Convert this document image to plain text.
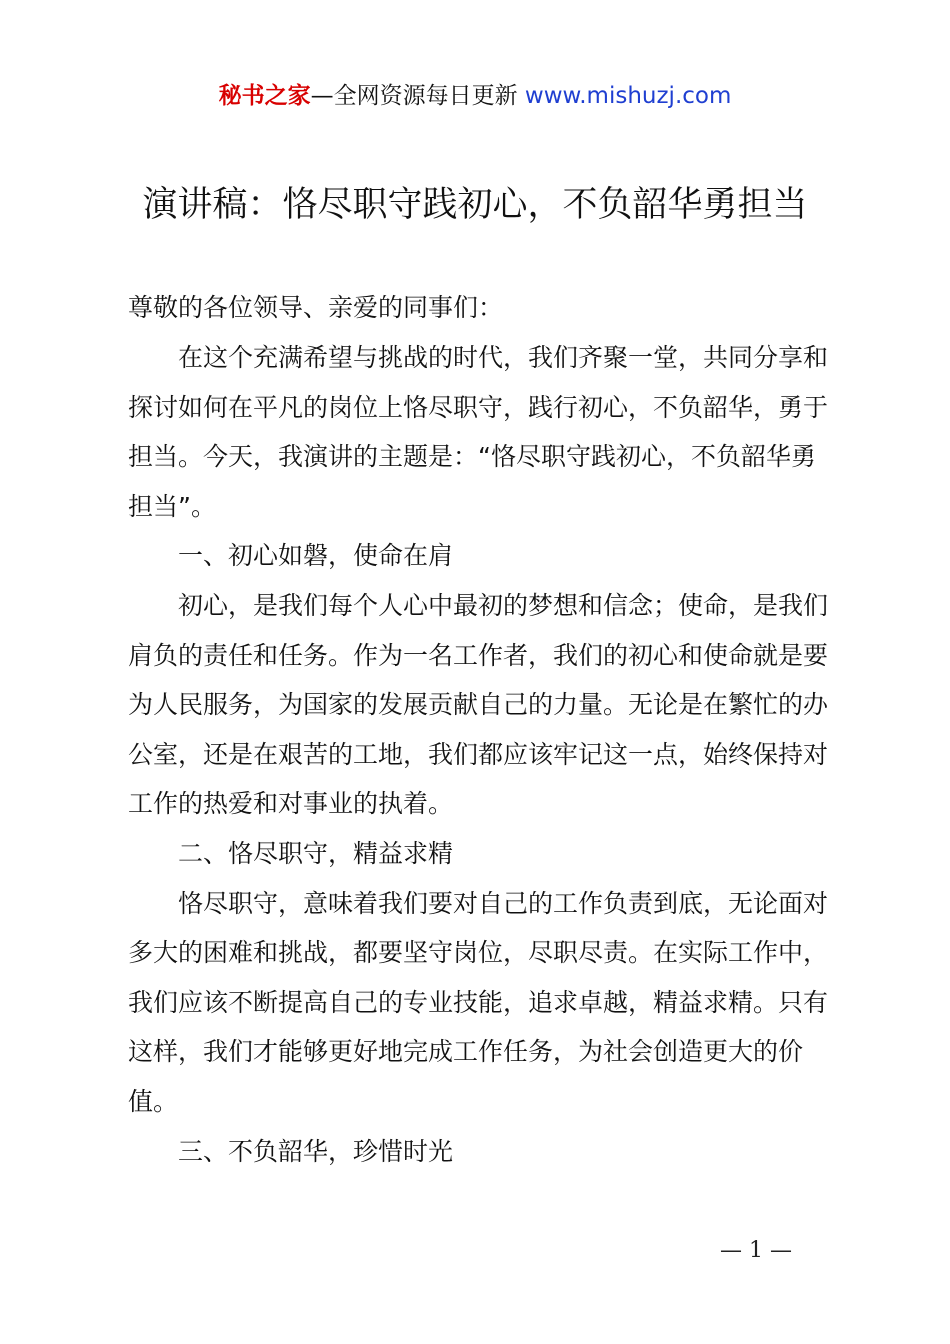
秘书之家—全网资源每日更新 www.mishuzj.com
演讲稿：恪尽职守践初心，不负韶华勇担当
尊敬的各位领导、亲爱的同事们：

在这个充满希望与挑战的时代，我们齐聚一堂，共同分享和探讨如何在平凡的岗位上恪尽职守，践行初心，不负韶华，勇于担当。今天，我演讲的主题是：“恪尽职守践初心，不负韶华勇担当”。

一、初心如磐，使命在肩

初心，是我们每个人心中最初的梦想和信念；使命，是我们肩负的责任和任务。作为一名工作者，我们的初心和使命就是要为人民服务，为国家的发展贡献自己的力量。无论是在繁忙的办公室，还是在艰苦的工地，我们都应该牢记这一点，始终保持对工作的热爱和对事业的执着。

二、恪尽职守，精益求精

恪尽职守，意味着我们要对自己的工作负责到底，无论面对多大的困难和挑战，都要坚守岗位，尽职尽责。在实际工作中，我们应该不断提高自己的专业技能，追求卓越，精益求精。只有这样，我们才能够更好地完成工作任务，为社会创造更大的价值。

三、不负韶华，珍惜时光

— 1 —
